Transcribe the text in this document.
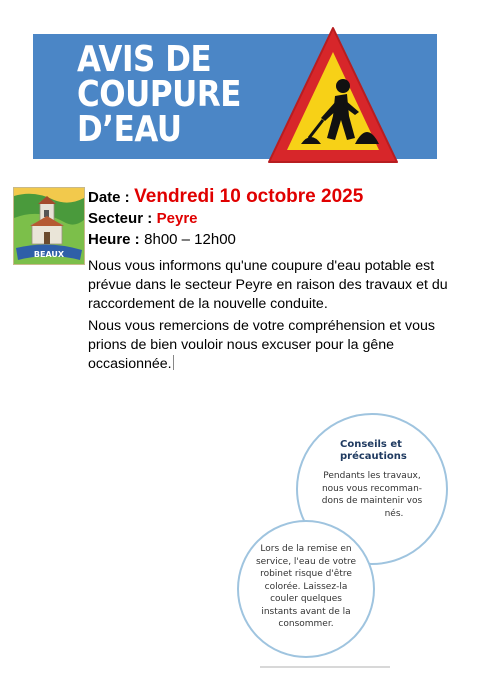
AVIS DE
COUPURE
D’EAU
BEAUX
Date : Vendredi 10 octobre 2025
Secteur : Peyre
Heure : 8h00 – 12h00
Nous vous informons qu'une coupure d'eau potable est prévue dans le secteur Peyre en raison des travaux et du raccordement de la nouvelle conduite.
Nous vous remercions de votre compréhension et vous prions de bien vouloir nous excuser pour la gêne occasionnée.
Conseils et
précautions
Pendants les travaux,
nous vous recomman-
dons de maintenir vos
nés.
Lors de la remise en
service, l'eau de votre
robinet risque d'être
colorée. Laissez-la
couler quelques
instants avant de la
consommer.
